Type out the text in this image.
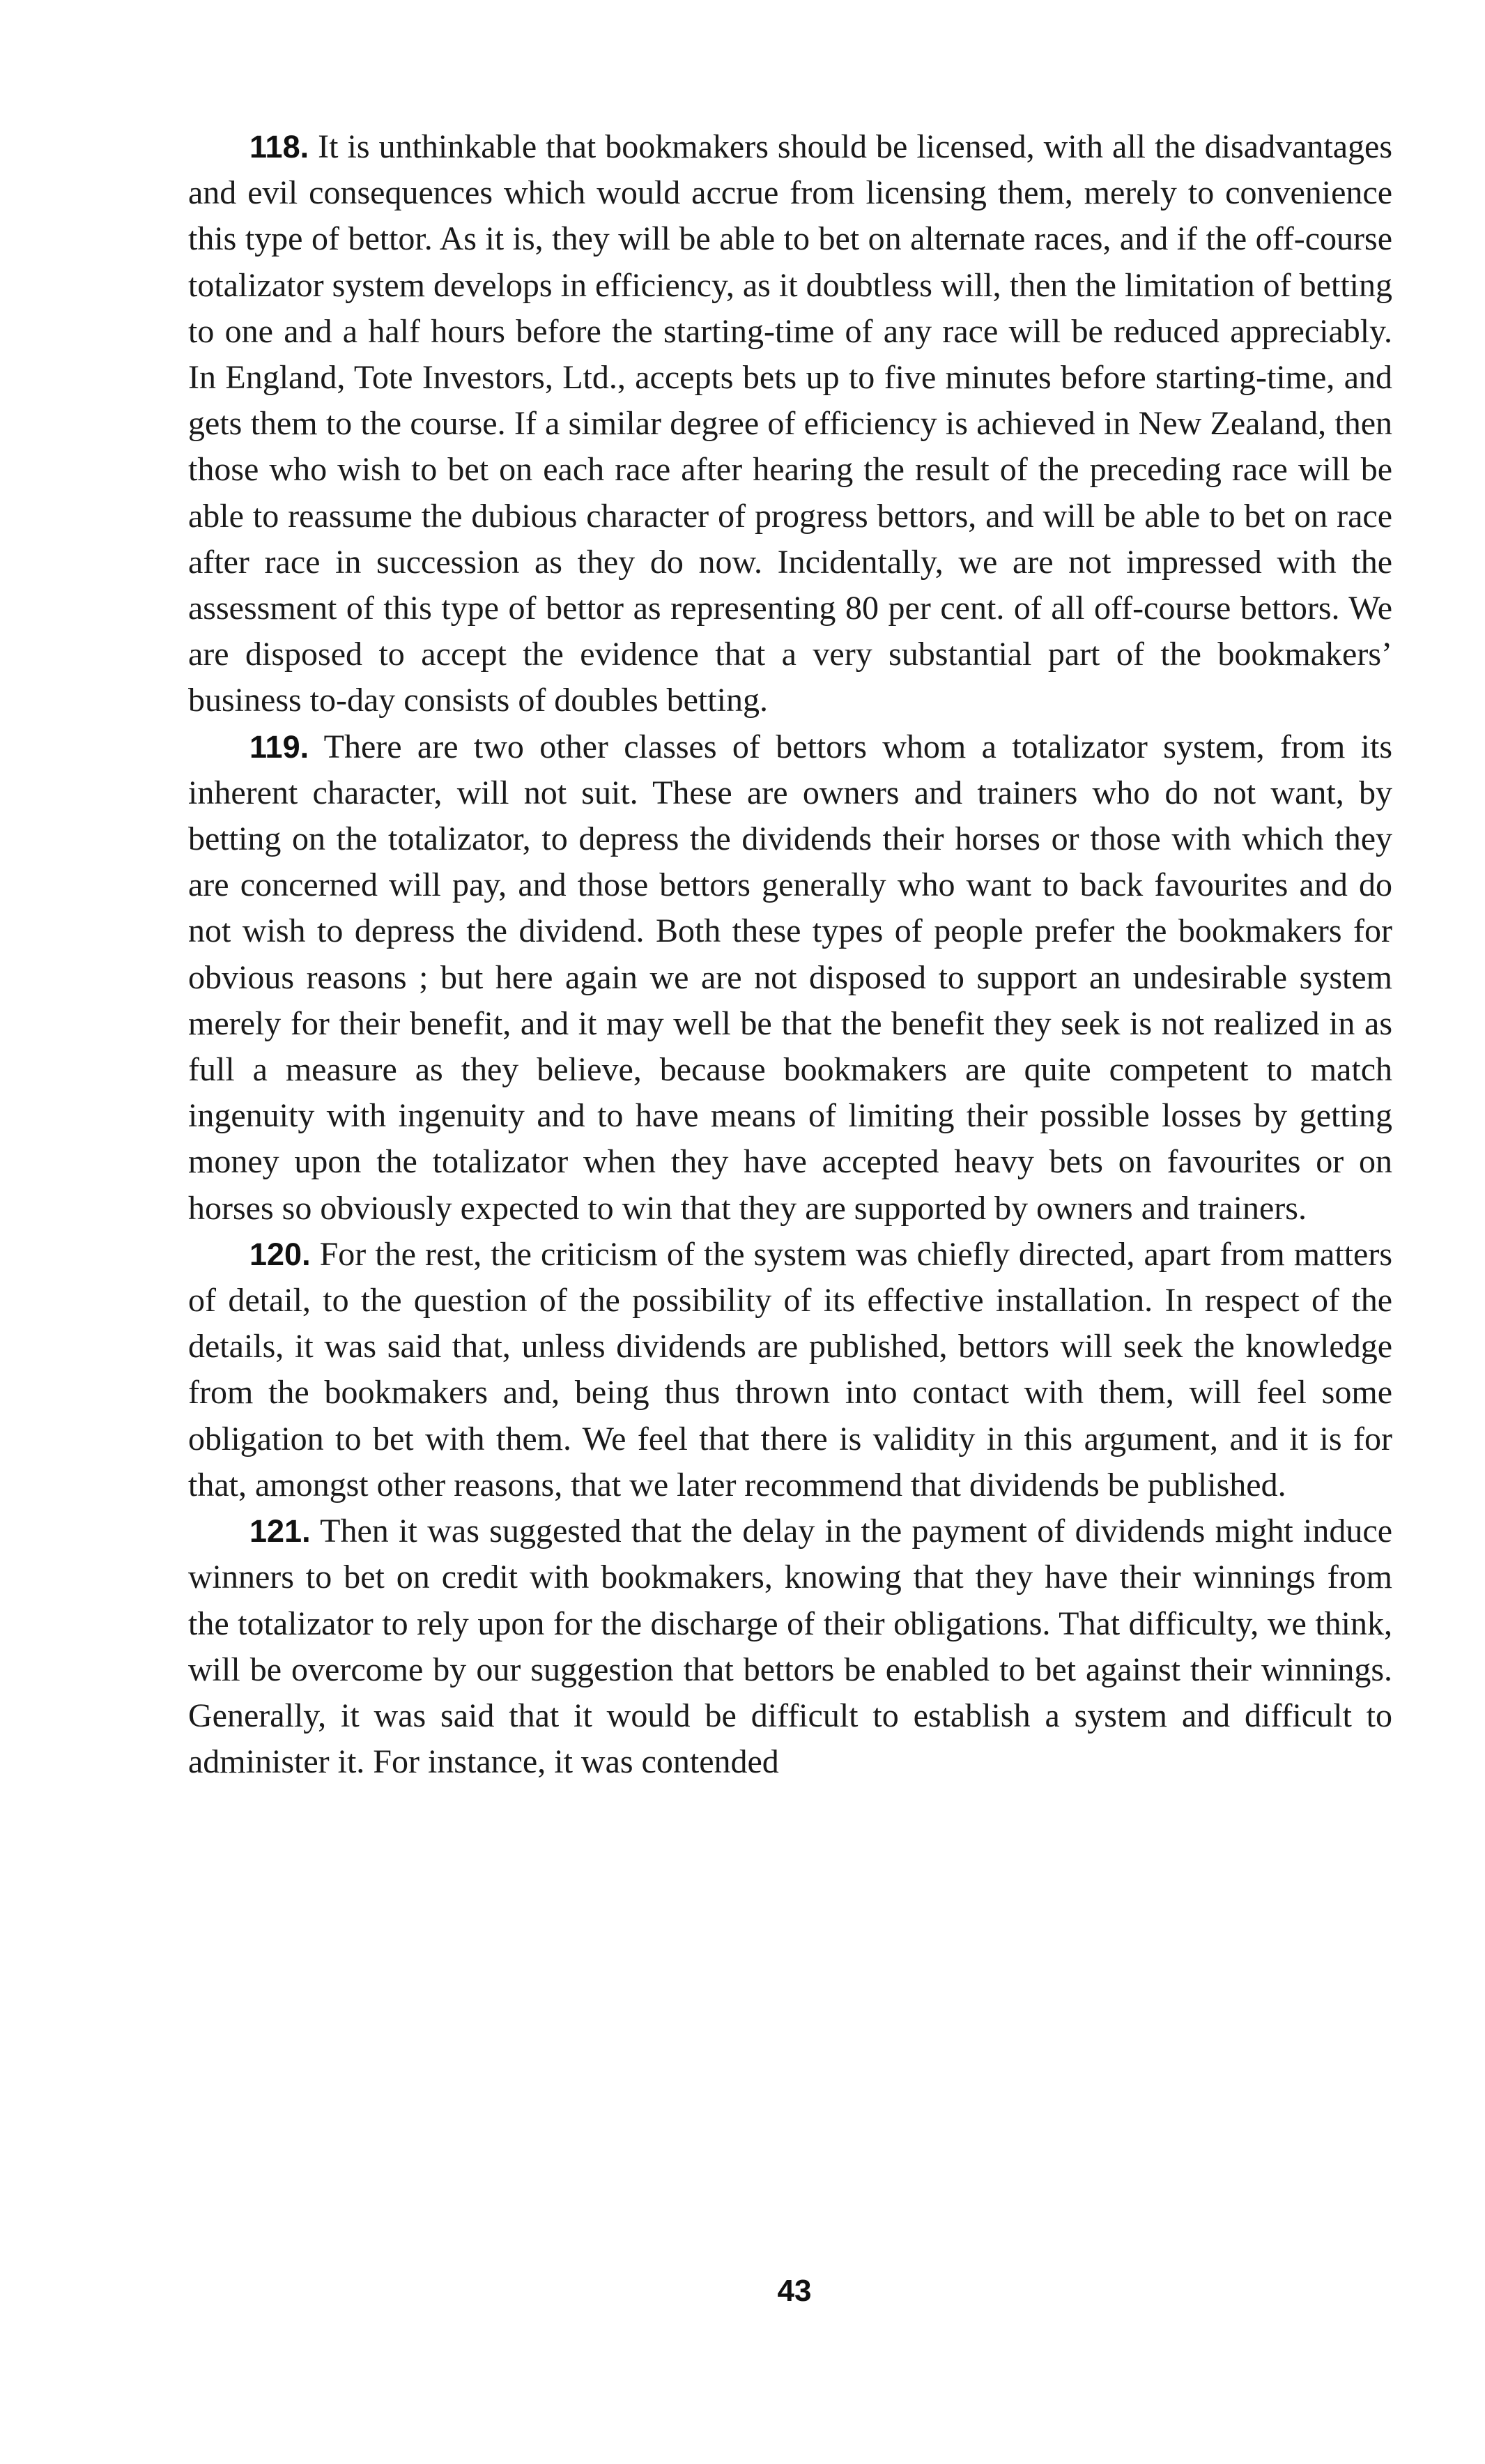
118. It is unthinkable that bookmakers should be licensed, with all the disadvantages and evil consequences which would accrue from licensing them, merely to convenience this type of bettor. As it is, they will be able to bet on alternate races, and if the off-course totalizator system develops in efficiency, as it doubtless will, then the limitation of betting to one and a half hours before the starting-time of any race will be reduced appreciably. In England, Tote Investors, Ltd., accepts bets up to five minutes before starting-time, and gets them to the course. If a similar degree of efficiency is achieved in New Zealand, then those who wish to bet on each race after hearing the result of the preceding race will be able to reassume the dubious character of progress bettors, and will be able to bet on race after race in succession as they do now. Incidentally, we are not impressed with the assessment of this type of bettor as representing 80 per cent. of all off-course bettors. We are disposed to accept the evidence that a very substantial part of the bookmakers’ business to-day consists of doubles betting.

119. There are two other classes of bettors whom a totalizator system, from its inherent character, will not suit. These are owners and trainers who do not want, by betting on the totalizator, to depress the dividends their horses or those with which they are concerned will pay, and those bettors generally who want to back favourites and do not wish to depress the dividend. Both these types of people prefer the bookmakers for obvious reasons ; but here again we are not disposed to support an undesirable system merely for their benefit, and it may well be that the benefit they seek is not realized in as full a measure as they believe, because bookmakers are quite competent to match ingenuity with ingenuity and to have means of limiting their possible losses by getting money upon the totalizator when they have accepted heavy bets on favourites or on horses so obviously expected to win that they are supported by owners and trainers.

120. For the rest, the criticism of the system was chiefly directed, apart from matters of detail, to the question of the possibility of its effective installation. In respect of the details, it was said that, unless dividends are published, bettors will seek the knowledge from the bookmakers and, being thus thrown into contact with them, will feel some obligation to bet with them. We feel that there is validity in this argument, and it is for that, amongst other reasons, that we later recommend that dividends be published.

121. Then it was suggested that the delay in the payment of dividends might induce winners to bet on credit with bookmakers, knowing that they have their winnings from the totalizator to rely upon for the discharge of their obligations. That difficulty, we think, will be overcome by our suggestion that bettors be enabled to bet against their winnings. Generally, it was said that it would be difficult to establish a system and difficult to administer it. For instance, it was contended

43
